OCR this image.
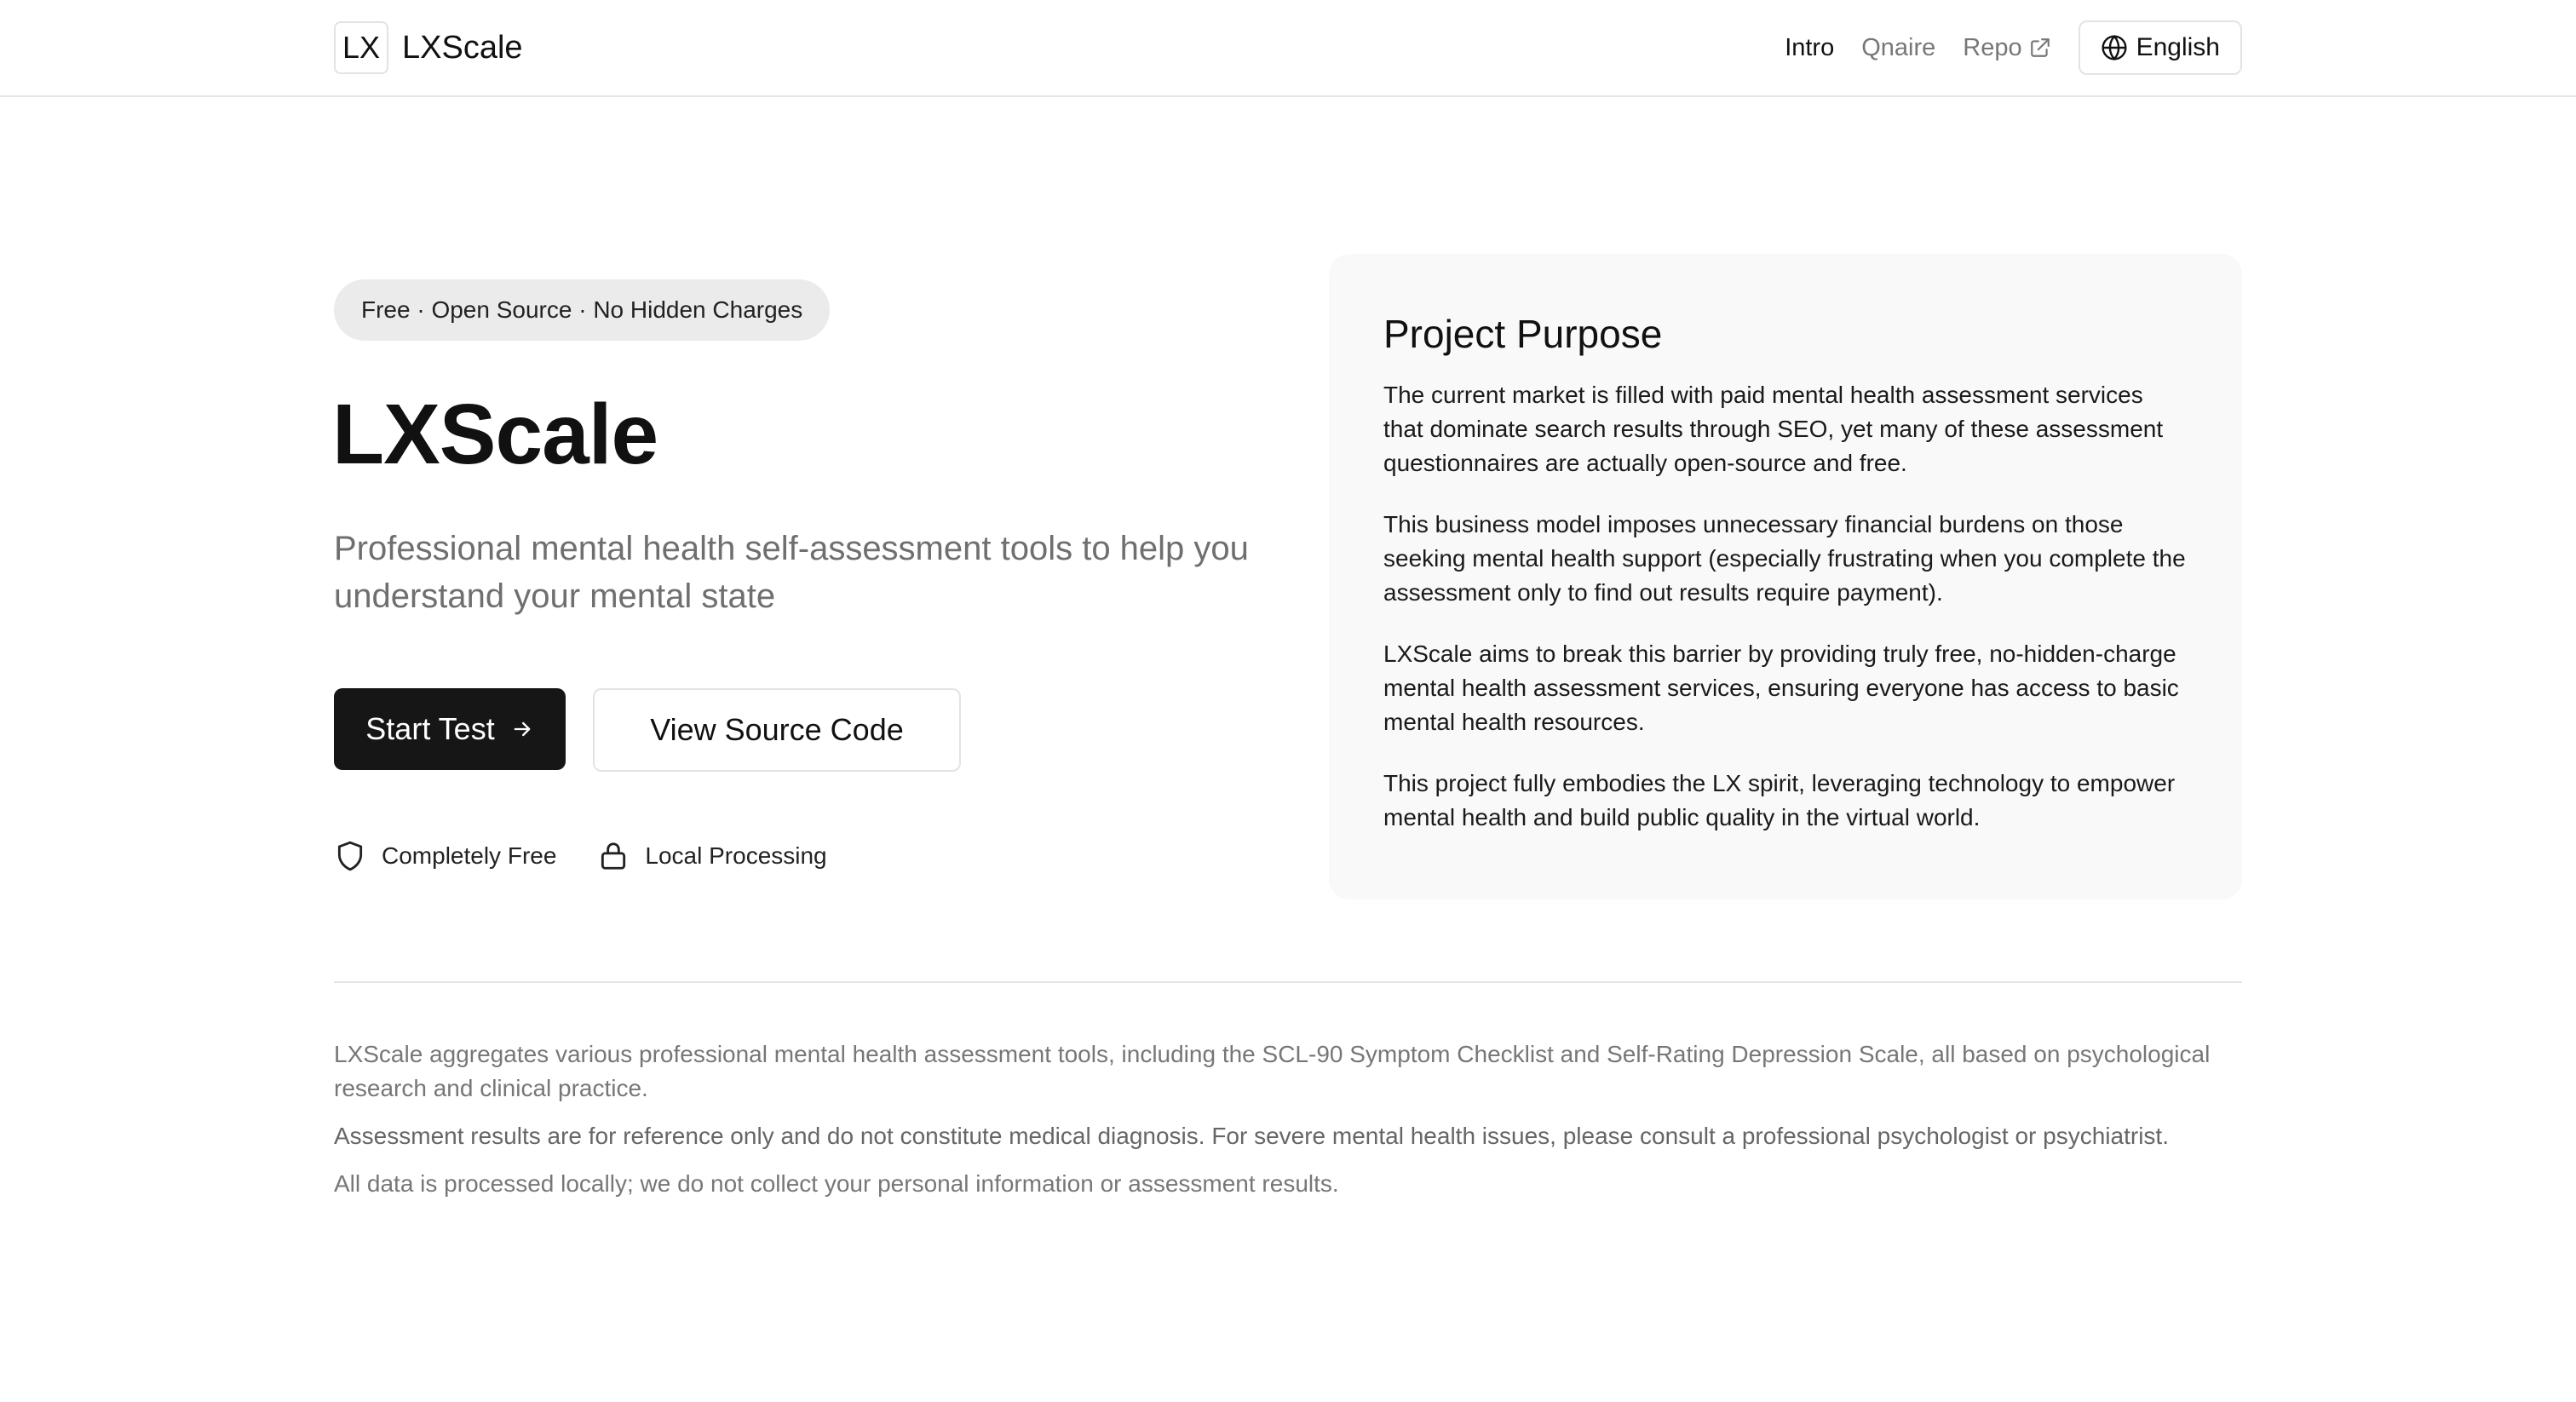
LX LXScale	Intro Qnaire Repo	English
Free · Open Source · No Hidden Charges
LXScale

Professional mental health self-assessment tools to help you understand your mental state

Start Test	View Source Code
Completely Free	Local Processing
Project Purpose

The current market is filled with paid mental health assessment services that dominate search results through SEO, yet many of these assessment questionnaires are actually open-source and free.

This business model imposes unnecessary financial burdens on those seeking mental health support (especially frustrating when you complete the assessment only to find out results require payment).

LXScale aims to break this barrier by providing truly free, no-hidden-charge mental health assessment services, ensuring everyone has access to basic mental health resources.

This project fully embodies the LX spirit, leveraging technology to empower mental health and build public quality in the virtual world.

LXScale aggregates various professional mental health assessment tools, including the SCL-90 Symptom Checklist and Self-Rating Depression Scale, all based on psychological research and clinical practice.

Assessment results are for reference only and do not constitute medical diagnosis. For severe mental health issues, please consult a professional psychologist or psychiatrist.

All data is processed locally; we do not collect your personal information or assessment results.
